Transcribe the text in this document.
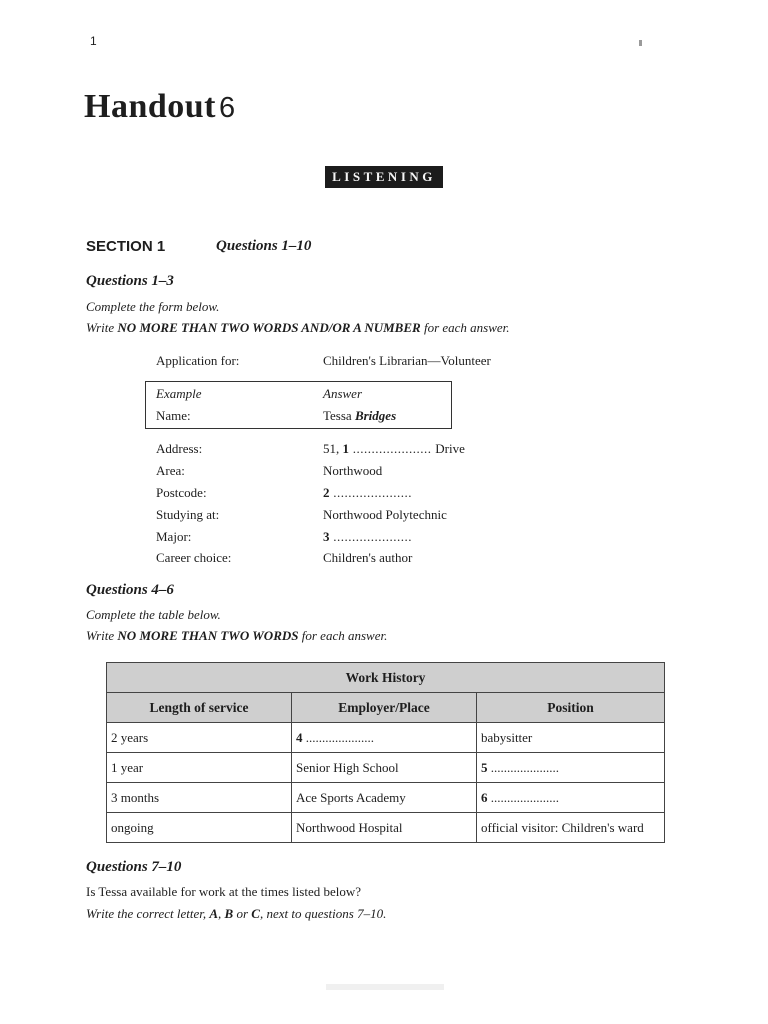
1
Handout 6
LISTENING
SECTION 1	Questions 1–10
Questions 1–3
Complete the form below.
Write NO MORE THAN TWO WORDS AND/OR A NUMBER for each answer.
Application for:	Children's Librarian—Volunteer
Example	Answer
Name:	Tessa Bridges
Address:	51, 1 ..................... Drive
Area:	Northwood
Postcode:	2 .....................
Studying at:	Northwood Polytechnic
Major:	3 .....................
Career choice:	Children's author
Questions 4–6
Complete the table below.
Write NO MORE THAN TWO WORDS for each answer.
Work History		
Length of service	Employer/Place	Position
2 years	4 .....................	babysitter
1 year	Senior High School	5 .....................
3 months	Ace Sports Academy	6 .....................
ongoing	Northwood Hospital	official visitor: Children's ward
Questions 7–10
Is Tessa available for work at the times listed below?
Write the correct letter, A, B or C, next to questions 7–10.
